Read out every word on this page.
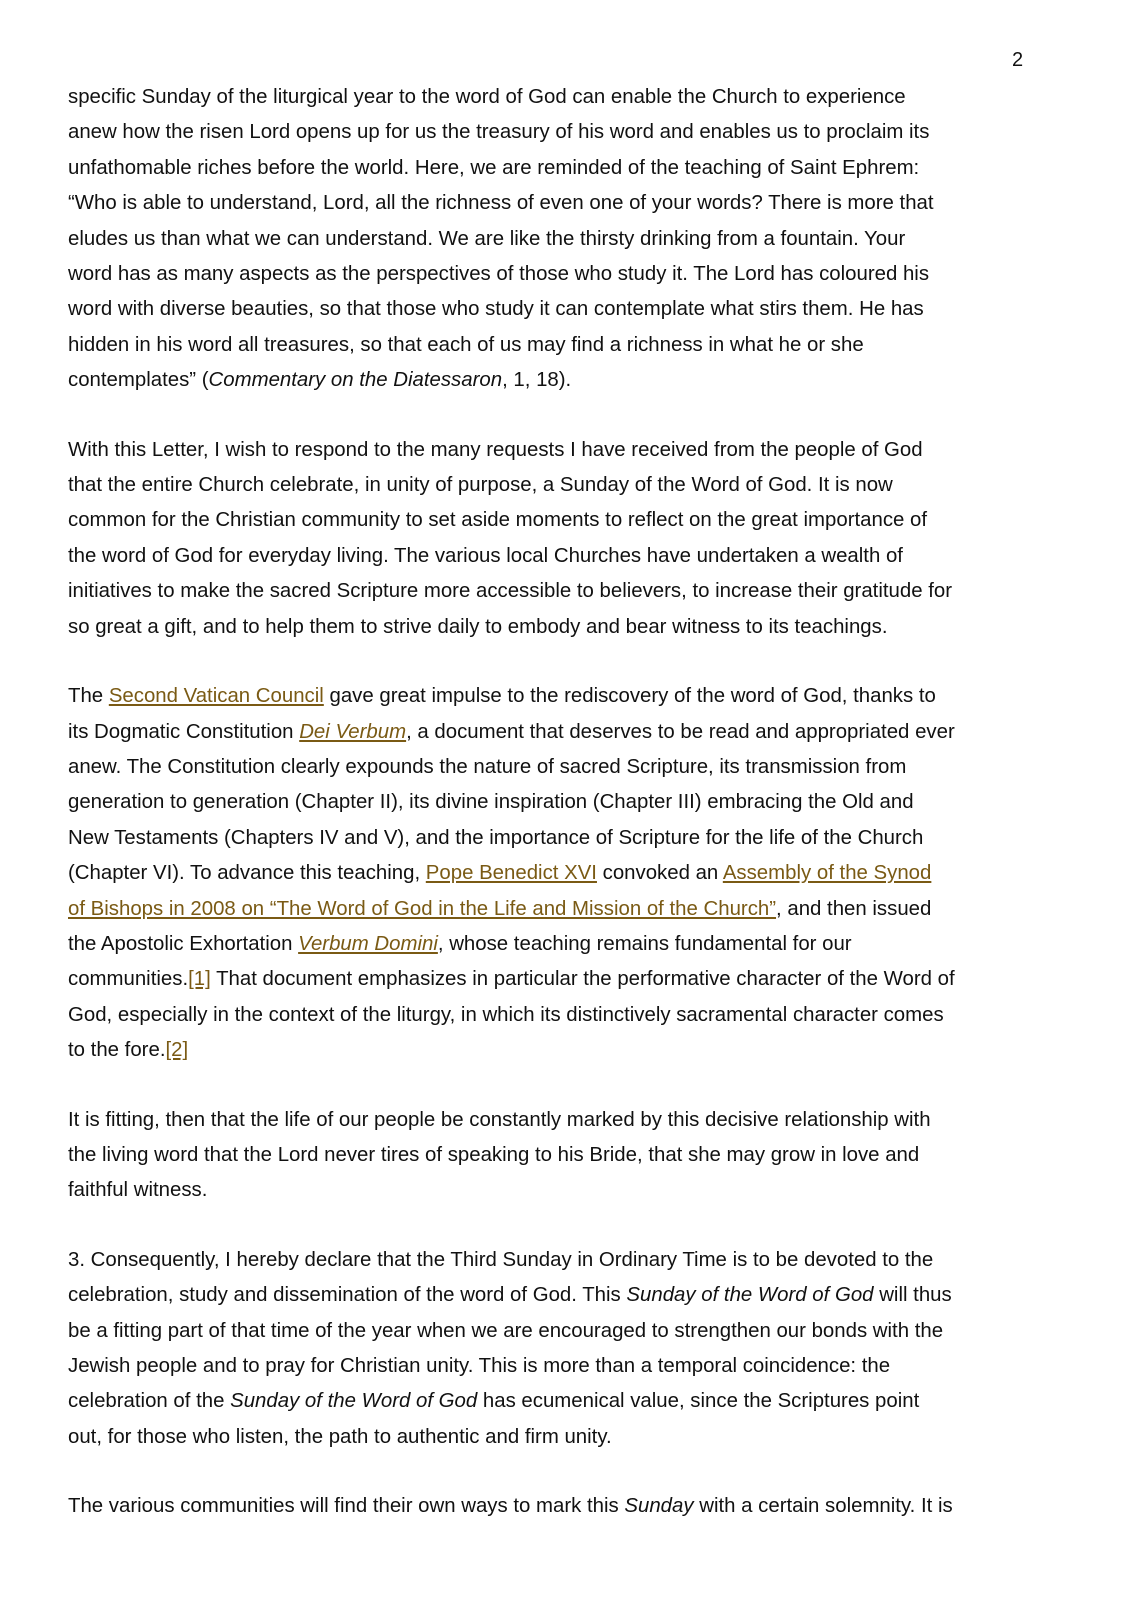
2

specific Sunday of the liturgical year to the word of God can enable the Church to experience
anew how the risen Lord opens up for us the treasury of his word and enables us to proclaim its
unfathomable riches before the world. Here, we are reminded of the teaching of Saint Ephrem:
“Who is able to understand, Lord, all the richness of even one of your words? There is more that
eludes us than what we can understand. We are like the thirsty drinking from a fountain. Your
word has as many aspects as the perspectives of those who study it. The Lord has coloured his
word with diverse beauties, so that those who study it can contemplate what stirs them. He has
hidden in his word all treasures, so that each of us may find a richness in what he or she
contemplates” (Commentary on the Diatessaron, 1, 18).

With this Letter, I wish to respond to the many requests I have received from the people of God
that the entire Church celebrate, in unity of purpose, a Sunday of the Word of God. It is now
common for the Christian community to set aside moments to reflect on the great importance of
the word of God for everyday living. The various local Churches have undertaken a wealth of
initiatives to make the sacred Scripture more accessible to believers, to increase their gratitude for
so great a gift, and to help them to strive daily to embody and bear witness to its teachings.

The Second Vatican Council gave great impulse to the rediscovery of the word of God, thanks to
its Dogmatic Constitution Dei Verbum, a document that deserves to be read and appropriated ever
anew. The Constitution clearly expounds the nature of sacred Scripture, its transmission from
generation to generation (Chapter II), its divine inspiration (Chapter III) embracing the Old and
New Testaments (Chapters IV and V), and the importance of Scripture for the life of the Church
(Chapter VI). To advance this teaching, Pope Benedict XVI convoked an Assembly of the Synod
of Bishops in 2008 on “The Word of God in the Life and Mission of the Church”, and then issued
the Apostolic Exhortation Verbum Domini, whose teaching remains fundamental for our
communities.[1] That document emphasizes in particular the performative character of the Word of
God, especially in the context of the liturgy, in which its distinctively sacramental character comes
to the fore.[2]

It is fitting, then that the life of our people be constantly marked by this decisive relationship with
the living word that the Lord never tires of speaking to his Bride, that she may grow in love and
faithful witness.

3. Consequently, I hereby declare that the Third Sunday in Ordinary Time is to be devoted to the
celebration, study and dissemination of the word of God. This Sunday of the Word of God will thus
be a fitting part of that time of the year when we are encouraged to strengthen our bonds with the
Jewish people and to pray for Christian unity. This is more than a temporal coincidence: the
celebration of the Sunday of the Word of God has ecumenical value, since the Scriptures point
out, for those who listen, the path to authentic and firm unity.

The various communities will find their own ways to mark this Sunday with a certain solemnity. It is
